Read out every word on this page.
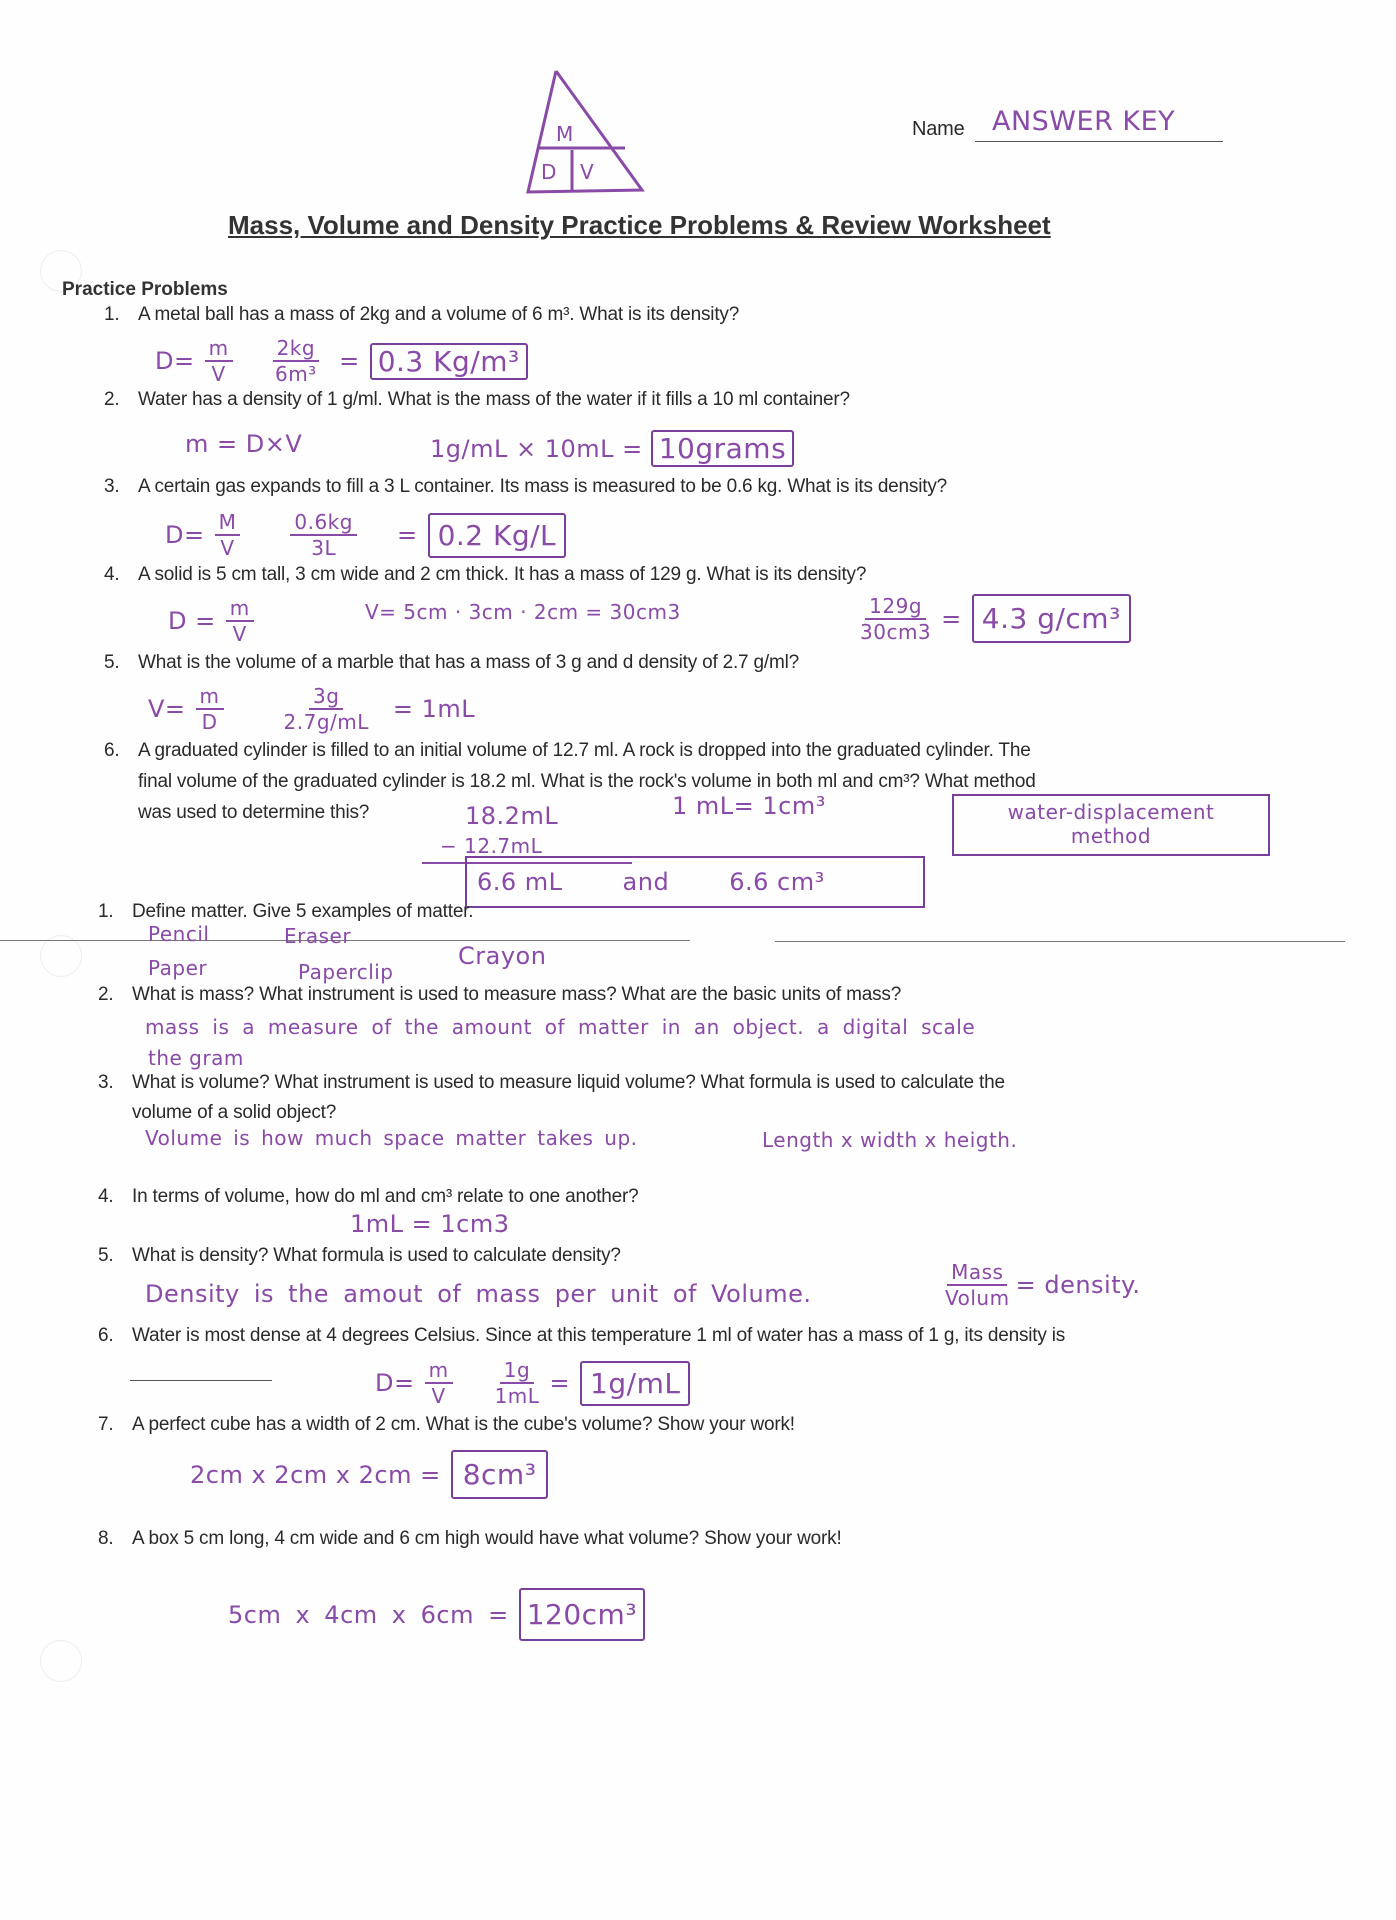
M
D V
Name ANSWER KEY
Mass, Volume and Density Practice Problems & Review Worksheet
Practice Problems
1. A metal ball has a mass of 2kg and a volume of 6 m³. What is its density?
$D= \frac{m}{V} \frac{2kg}{\text{6m³}} = 0.3$ Kg/m³
2. Water has a density of 1 g/ml. What is the mass of the water if it fills a 10 ml container?
m = D×V	1g/mL × 10mL = 10grams
3. A certain gas expands to fill a 3 L container. Its mass is measured to be 0.6 kg. What is its density?
$D= \frac{M}{V}$	$\frac{0.6kg}{3L} = 0.2$ Kg/L
4. A solid is 5 cm tall, 3 cm wide and 2 cm thick. It has a mass of 129 g. What is its density?
$D = \frac{m}{V}$	V= 5cm · 3cm · 2cm = 30cm3	$\frac{129g}{30cm3} = 4.3$ g/cm³
5. What is the volume of a marble that has a mass of 3 g and d density of 2.7 g/ml?
$V= \frac{m}{D}$	$\frac{3g}{2.7g/mL} = 1mL$
6. A graduated cylinder is filled to an initial volume of 12.7 ml. A rock is dropped into the graduated cylinder. The
final volume of the graduated cylinder is 18.2 ml. What is the rock's volume in both ml and cm³? What method
was used to determine this?	18.2mL
− 12.7mL
1 mL= 1cm³
6.6 mL	and	6.6 cm³
water-displacement
method
1. Define matter. Give 5 examples of matter.
Pencil	Eraser
Crayon
Paper	Paperclip
2. What is mass? What instrument is used to measure mass? What are the basic units of mass?
mass is a measure of the amount of matter in an object. a digital scale
the gram
3. What is volume? What instrument is used to measure liquid volume? What formula is used to calculate the
volume of a solid object?
Volume is how much space matter takes up.	Length x width x heigth.
4. In terms of volume, how do ml and cm³ relate to one another?
1mL = 1cm3
5. What is density? What formula is used to calculate density?
Density is the amout of mass per unit of Volume.	$\frac{\text{Mass}}{\text{Volum}}$ = density.
6. Water is most dense at 4 degrees Celsius. Since at this temperature 1 ml of water has a mass of 1 g, its density is
$D= \frac{m}{V} \frac{1g}{1mL} = 1g/mL$
7. A perfect cube has a width of 2 cm. What is the cube's volume? Show your work!
2cm x 2cm x 2cm = 8cm³
8. A box 5 cm long, 4 cm wide and 6 cm high would have what volume? Show your work!
5cm x 4cm x 6cm = 120cm³
